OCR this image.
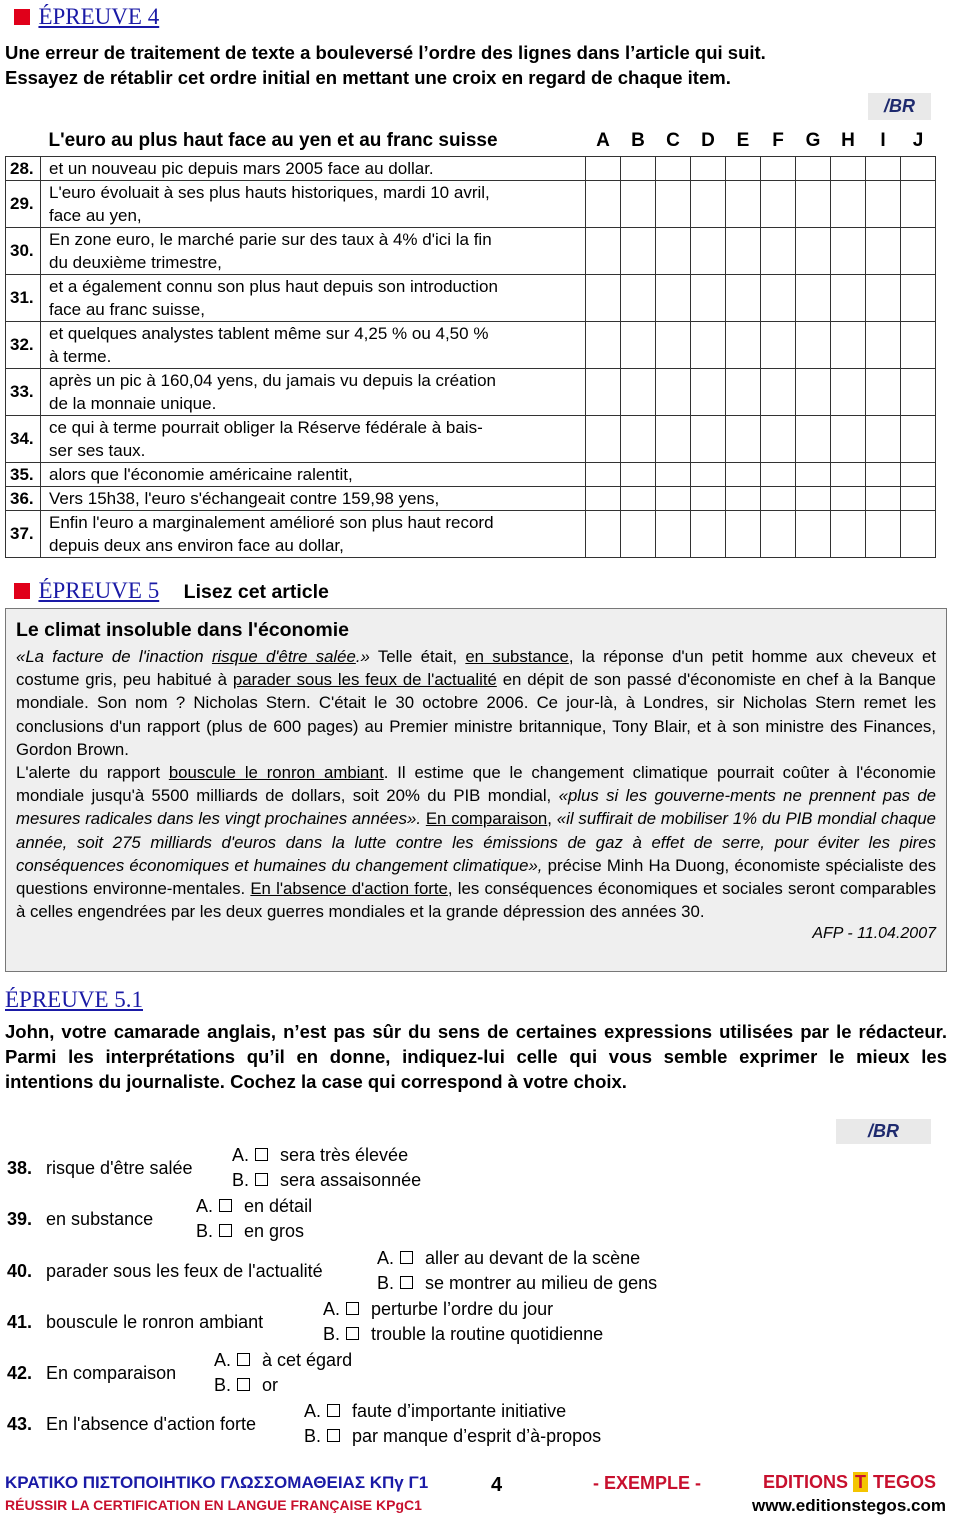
ÉPREUVE 4
Une erreur de traitement de texte a bouleversé l’ordre des lignes dans l’article qui suit.
Essayez de rétablir cet ordre initial en mettant une croix en regard de chaque item.
/BR
	L'euro au plus haut face au yen et au franc suisse	A	B	C	D	E	F	G	H	I	J
28.	et un nouveau pic depuis mars 2005 face au dollar.										

29.	L'euro évoluait à ses plus hauts historiques, mardi 10 avril,
face au yen,										

30.	En zone euro, le marché parie sur des taux à 4% d'ici la fin
du deuxième trimestre,										

31.	et a également connu son plus haut depuis son introduction
face au franc suisse,										

32.	et quelques analystes tablent même sur 4,25 % ou 4,50 %
à terme.										

33.	après un pic à 160,04 yens, du jamais vu depuis la création
de la monnaie unique.										

34.	ce qui à terme pourrait obliger la Réserve fédérale à bais-
ser ses taux.										

35.	alors que l'économie américaine ralentit,										

36.	Vers 15h38, l'euro s'échangeait contre 159,98 yens,										

37.	Enfin l'euro a marginalement amélioré son plus haut record
depuis deux ans environ face au dollar,										

ÉPREUVE 5 Lisez cet article
Le climat insoluble dans l'économie
«La facture de l'inaction risque d'être salée.» Telle était, en substance, la réponse d'un petit homme aux cheveux et costume gris, peu habitué à parader sous les feux de l'actualité en dépit de son passé d'économiste en chef à la Banque mondiale. Son nom ? Nicholas Stern. C'était le 30 octobre 2006. Ce jour-là, à Londres, sir Nicholas Stern remet les conclusions d'un rapport (plus de 600 pages) au Premier ministre britannique, Tony Blair, et à son ministre des Finances, Gordon Brown.
L'alerte du rapport bouscule le ronron ambiant. Il estime que le changement climatique pourrait coûter à l'économie mondiale jusqu'à 5500 milliards de dollars, soit 20% du PIB mondial, «plus si les gouverne-ments ne prennent pas de mesures radicales dans les vingt prochaines années». En comparaison, «il suffirait de mobiliser 1% du PIB mondial chaque année, soit 275 milliards d'euros dans la lutte contre les émissions de gaz à effet de serre, pour éviter les pires conséquences économiques et humaines du changement climatique», précise Minh Ha Duong, économiste spécialiste des questions environne-mentales. En l'absence d'action forte, les conséquences économiques et sociales seront comparables à celles engendrées par les deux guerres mondiales et la grande dépression des années 30.
AFP - 11.04.2007
ÉPREUVE 5.1
John, votre camarade anglais, n’est pas sûr du sens de certaines expressions utilisées par le rédacteur. Parmi les interprétations qu’il en donne, indiquez-lui celle qui vous semble exprimer le mieux les intentions du journaliste. Cochez la case qui correspond à votre choix.
/BR
38. risque d'être salée
A. sera très élevée
B. sera assaisonnée
39. en substance
A. en détail
B. en gros
40. parader sous les feux de l'actualité
A. aller au devant de la scène
B. se montrer au milieu de gens
41. bouscule le ronron ambiant
A. perturbe l’ordre du jour
B. trouble la routine quotidienne
42. En comparaison
A. à cet égard
B. or
43. En l'absence d'action forte
A. faute d’importante initiative
B. par manque d’esprit d’à-propos
ΚΡΑΤΙΚΟ ΠΙΣΤΟΠΟΙΗΤΙΚΟ ΓΛΩΣΣΟΜΑΘΕΙΑΣ ΚΠγ Γ1
RÉUSSIR LA CERTIFICATION EN LANGUE FRANÇAISE KPgC1
4	- EXEMPLE -	EDITIONS T TEGOS
www.editionstegos.com
